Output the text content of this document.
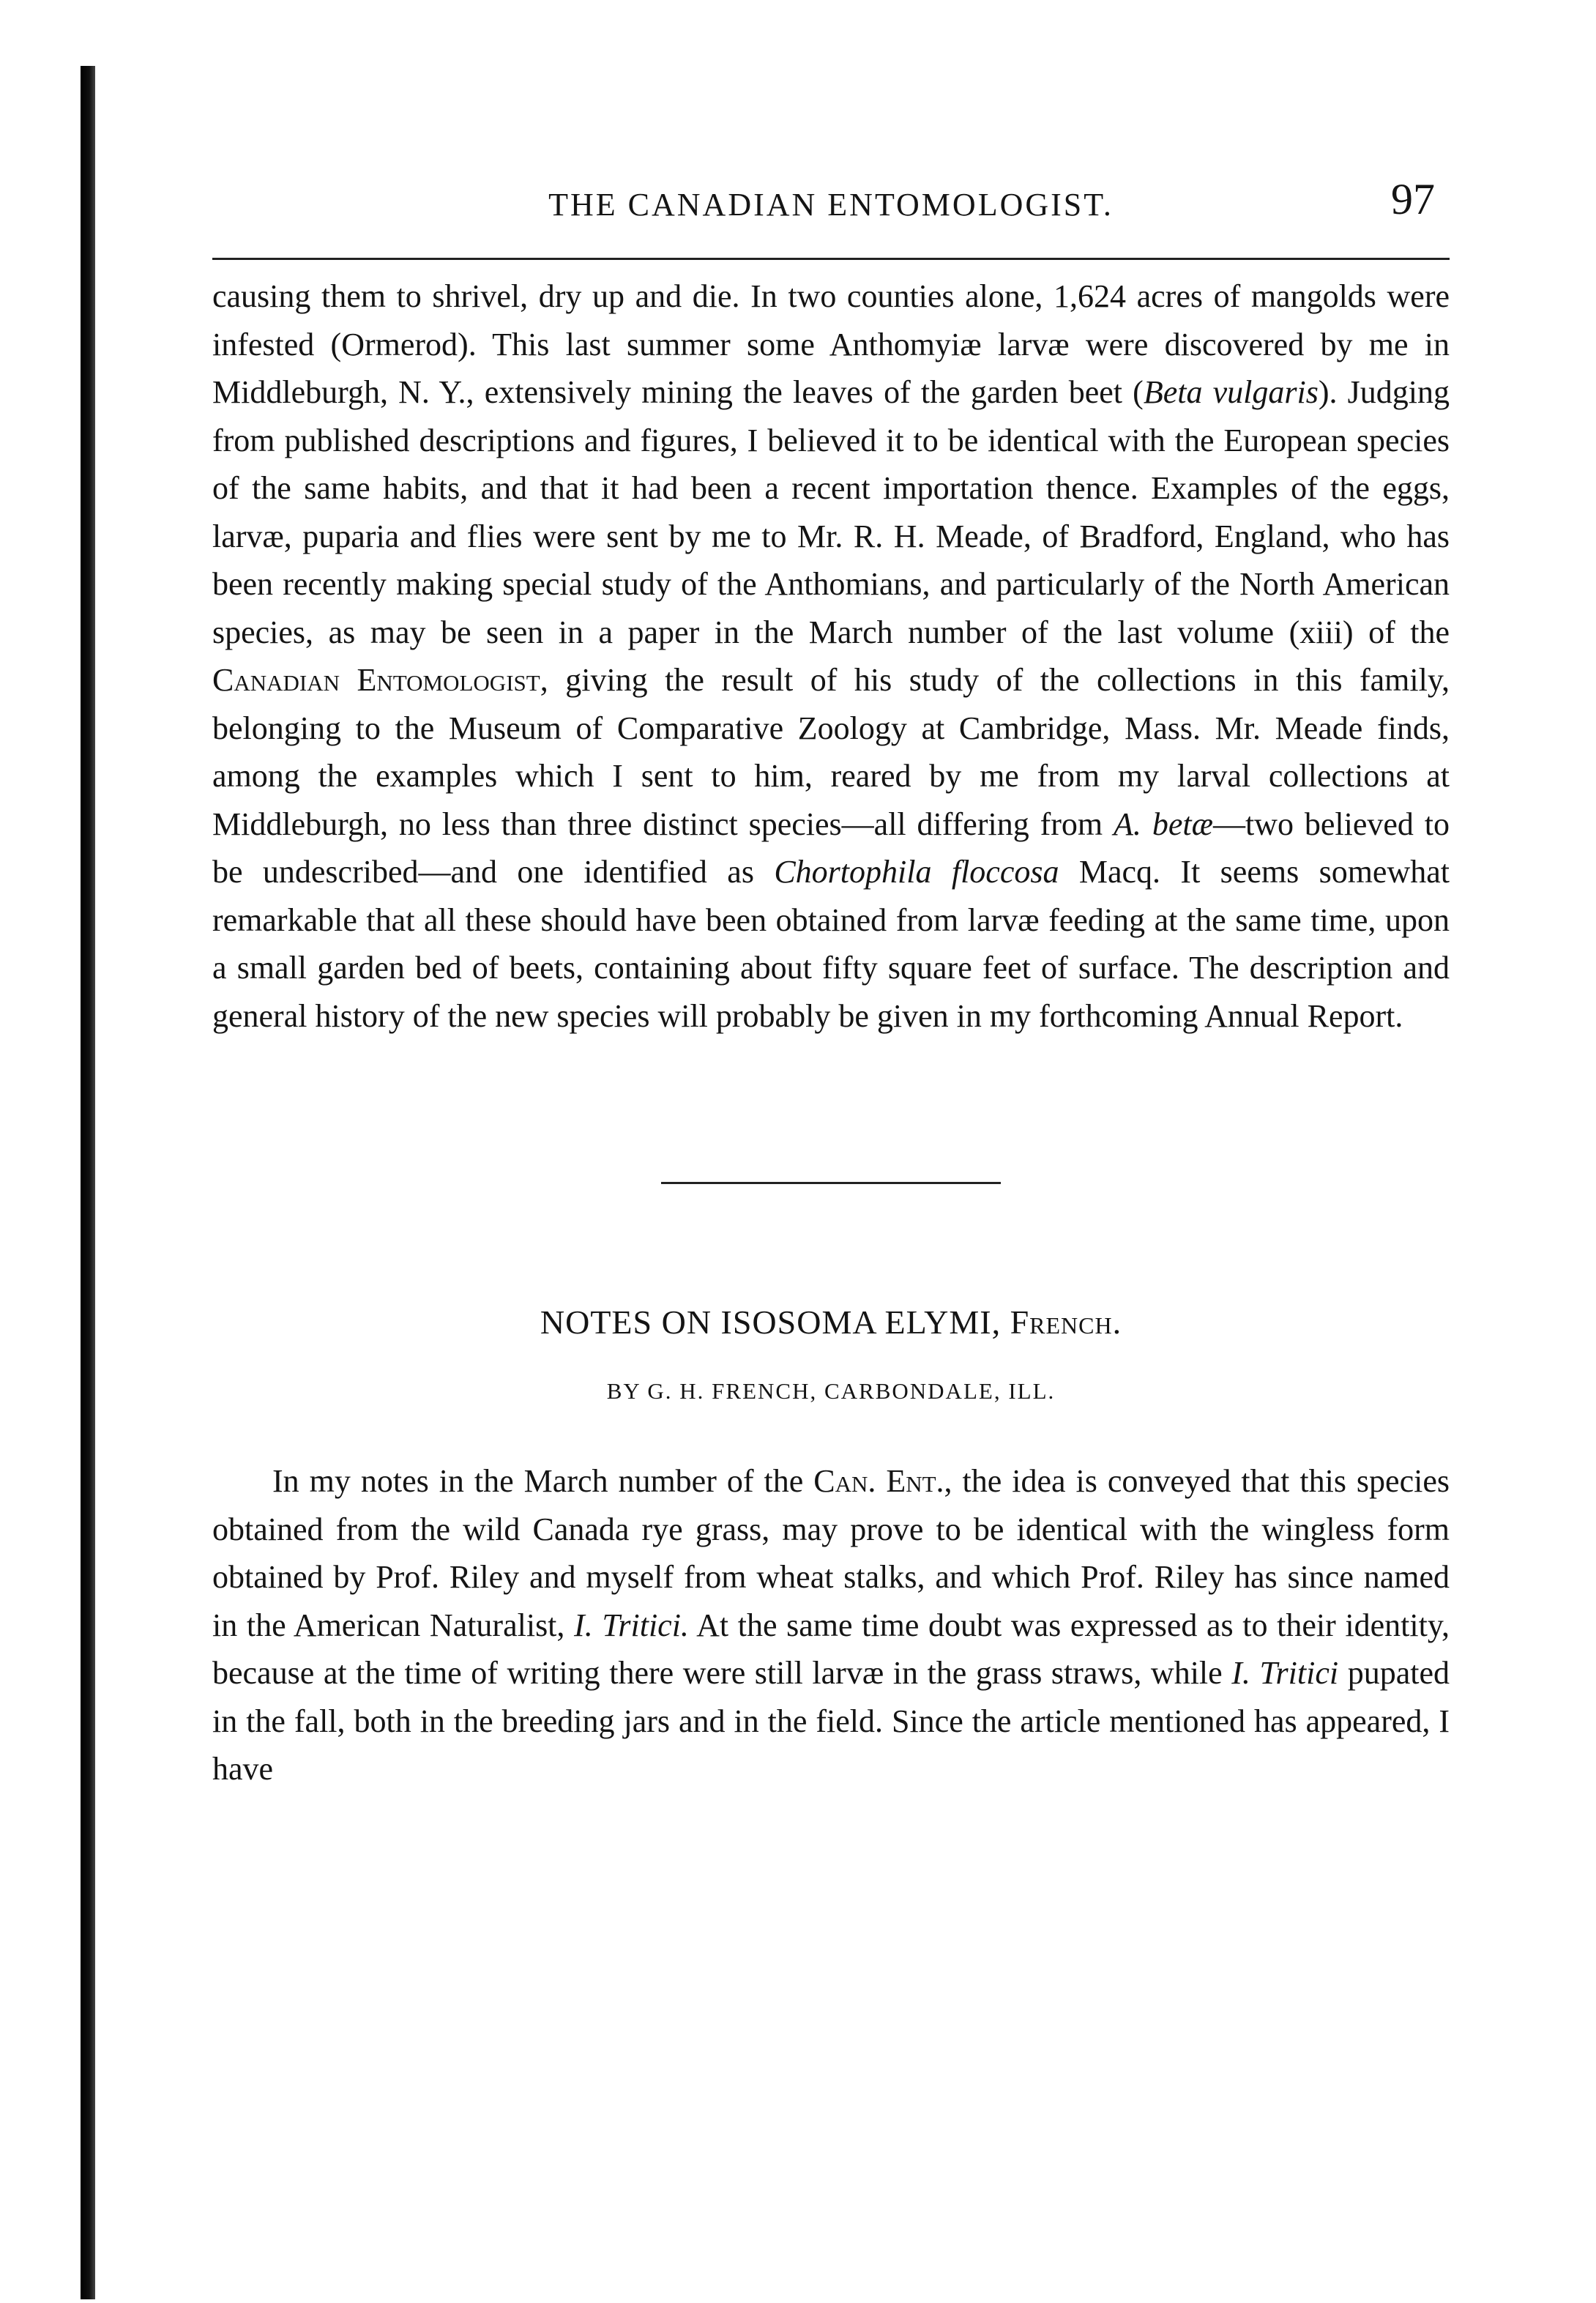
THE CANADIAN ENTOMOLOGIST.	97

causing them to shrivel, dry up and die. In two counties alone, 1,624 acres of mangolds were infested (Ormerod). This last summer some Anthomyiæ larvæ were discovered by me in Middleburgh, N. Y., extensively mining the leaves of the garden beet (Beta vulgaris). Judging from published descriptions and figures, I believed it to be identical with the European species of the same habits, and that it had been a recent importation thence. Examples of the eggs, larvæ, puparia and flies were sent by me to Mr. R. H. Meade, of Bradford, England, who has been recently making special study of the Anthomians, and particularly of the North American species, as may be seen in a paper in the March number of the last volume (xiii) of the Canadian Entomologist, giving the result of his study of the collections in this family, belonging to the Museum of Comparative Zoology at Cambridge, Mass. Mr. Meade finds, among the examples which I sent to him, reared by me from my larval collections at Middleburgh, no less than three distinct species—all differing from A. betæ—two believed to be undescribed—and one identified as Chortophila floccosa Macq. It seems somewhat remarkable that all these should have been obtained from larvæ feeding at the same time, upon a small garden bed of beets, containing about fifty square feet of surface. The description and general history of the new species will probably be given in my forthcoming Annual Report.

NOTES ON ISOSOMA ELYMI, French.
BY G. H. FRENCH, CARBONDALE, ILL.

In my notes in the March number of the Can. Ent., the idea is conveyed that this species obtained from the wild Canada rye grass, may prove to be identical with the wingless form obtained by Prof. Riley and myself from wheat stalks, and which Prof. Riley has since named in the American Naturalist, I. Tritici. At the same time doubt was expressed as to their identity, because at the time of writing there were still larvæ in the grass straws, while I. Tritici pupated in the fall, both in the breeding jars and in the field. Since the article mentioned has appeared, I have
